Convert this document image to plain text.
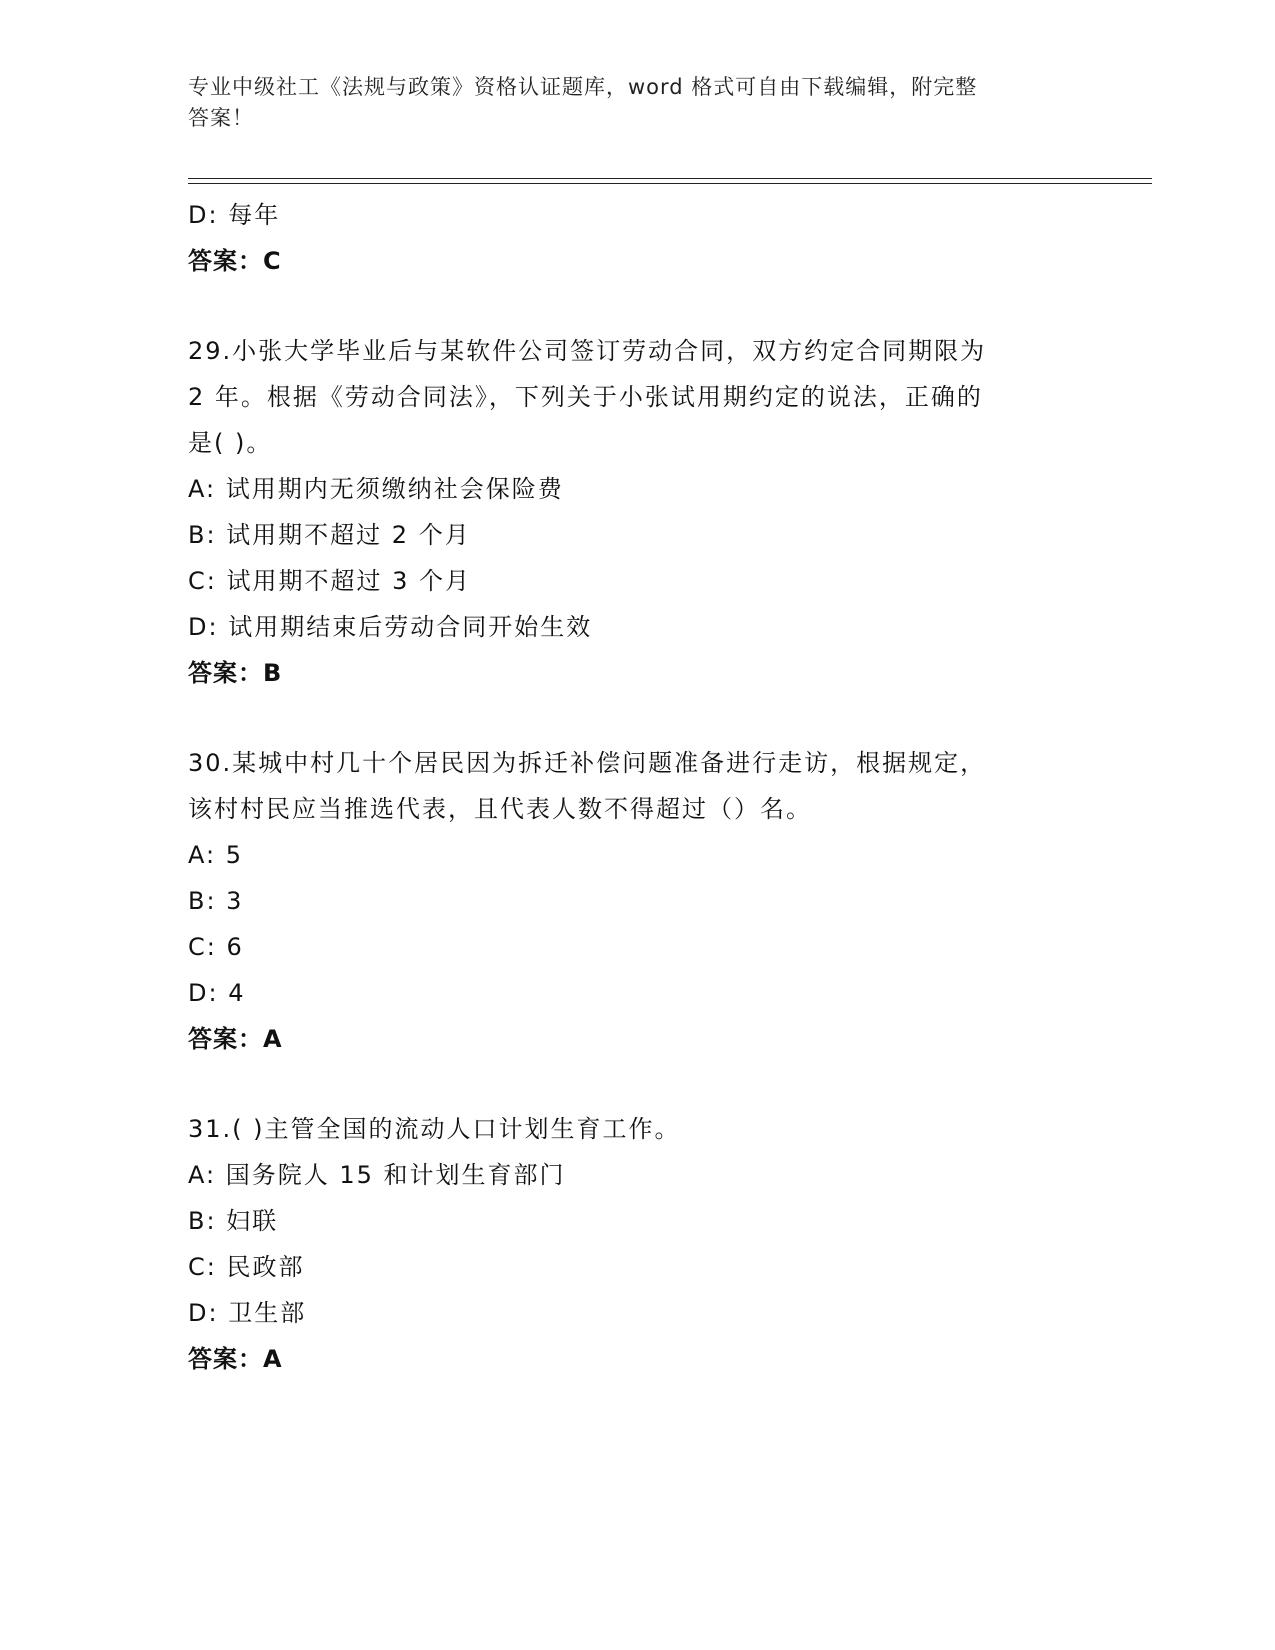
专业中级社工《法规与政策》资格认证题库，word 格式可自由下载编辑，附完整
答案！
D: 每年
答案：C
29.小张大学毕业后与某软件公司签订劳动合同，双方约定合同期限为
2 年。根据《劳动合同法》，下列关于小张试用期约定的说法，正确的
是( )。
A: 试用期内无须缴纳社会保险费
B: 试用期不超过 2 个月
C: 试用期不超过 3 个月
D: 试用期结束后劳动合同开始生效
答案：B
30.某城中村几十个居民因为拆迁补偿问题准备进行走访，根据规定，
该村村民应当推选代表，且代表人数不得超过（）名。
A: 5
B: 3
C: 6
D: 4
答案：A
31.( )主管全国的流动人口计划生育工作。
A: 国务院人 15 和计划生育部门
B: 妇联
C: 民政部
D: 卫生部
答案：A
